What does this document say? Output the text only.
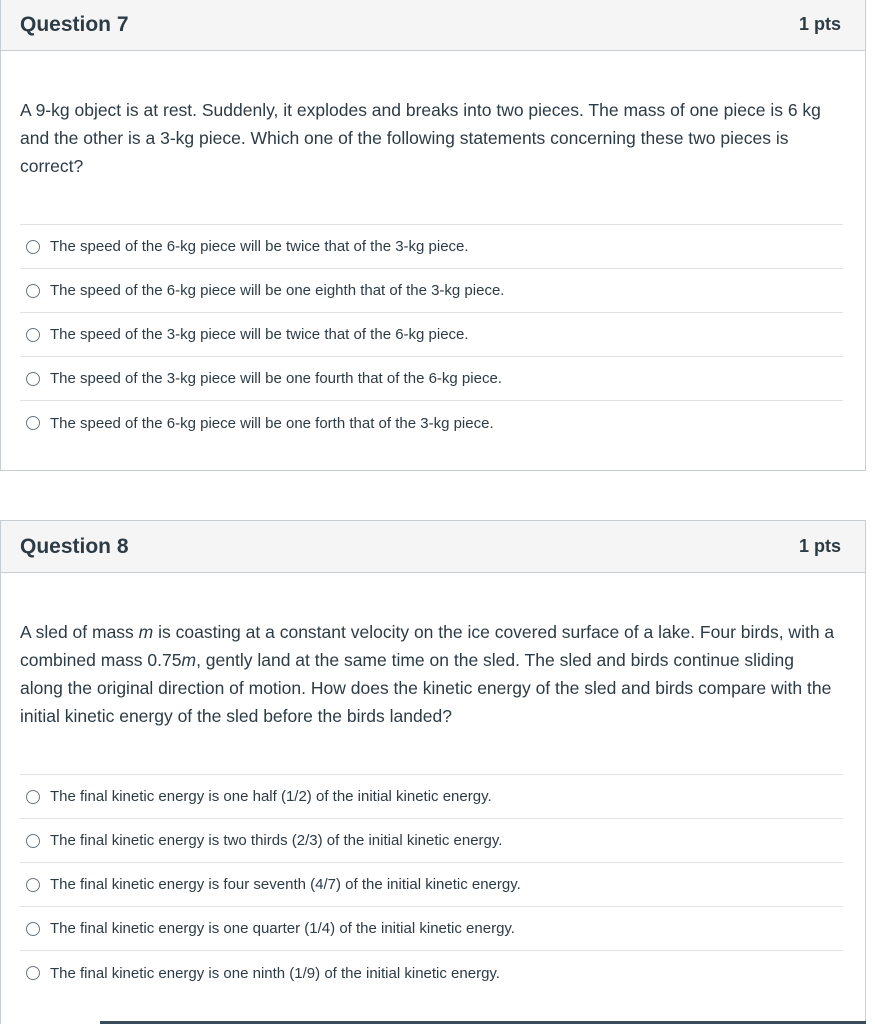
Question 7	1 pts

A 9-kg object is at rest. Suddenly, it explodes and breaks into two pieces. The mass of one piece is 6 kg and the other is a 3-kg piece. Which one of the following statements concerning these two pieces is correct?

The speed of the 6-kg piece will be twice that of the 3-kg piece.
The speed of the 6-kg piece will be one eighth that of the 3-kg piece.
The speed of the 3-kg piece will be twice that of the 6-kg piece.
The speed of the 3-kg piece will be one fourth that of the 6-kg piece.
The speed of the 6-kg piece will be one forth that of the 3-kg piece.
Question 8	1 pts

A sled of mass m is coasting at a constant velocity on the ice covered surface of a lake. Four birds, with a combined mass 0.75m, gently land at the same time on the sled. The sled and birds continue sliding along the original direction of motion. How does the kinetic energy of the sled and birds compare with the initial kinetic energy of the sled before the birds landed?

The final kinetic energy is one half (1/2) of the initial kinetic energy.
The final kinetic energy is two thirds (2/3) of the initial kinetic energy.
The final kinetic energy is four seventh (4/7) of the initial kinetic energy.
The final kinetic energy is one quarter (1/4) of the initial kinetic energy.
The final kinetic energy is one ninth (1/9) of the initial kinetic energy.
